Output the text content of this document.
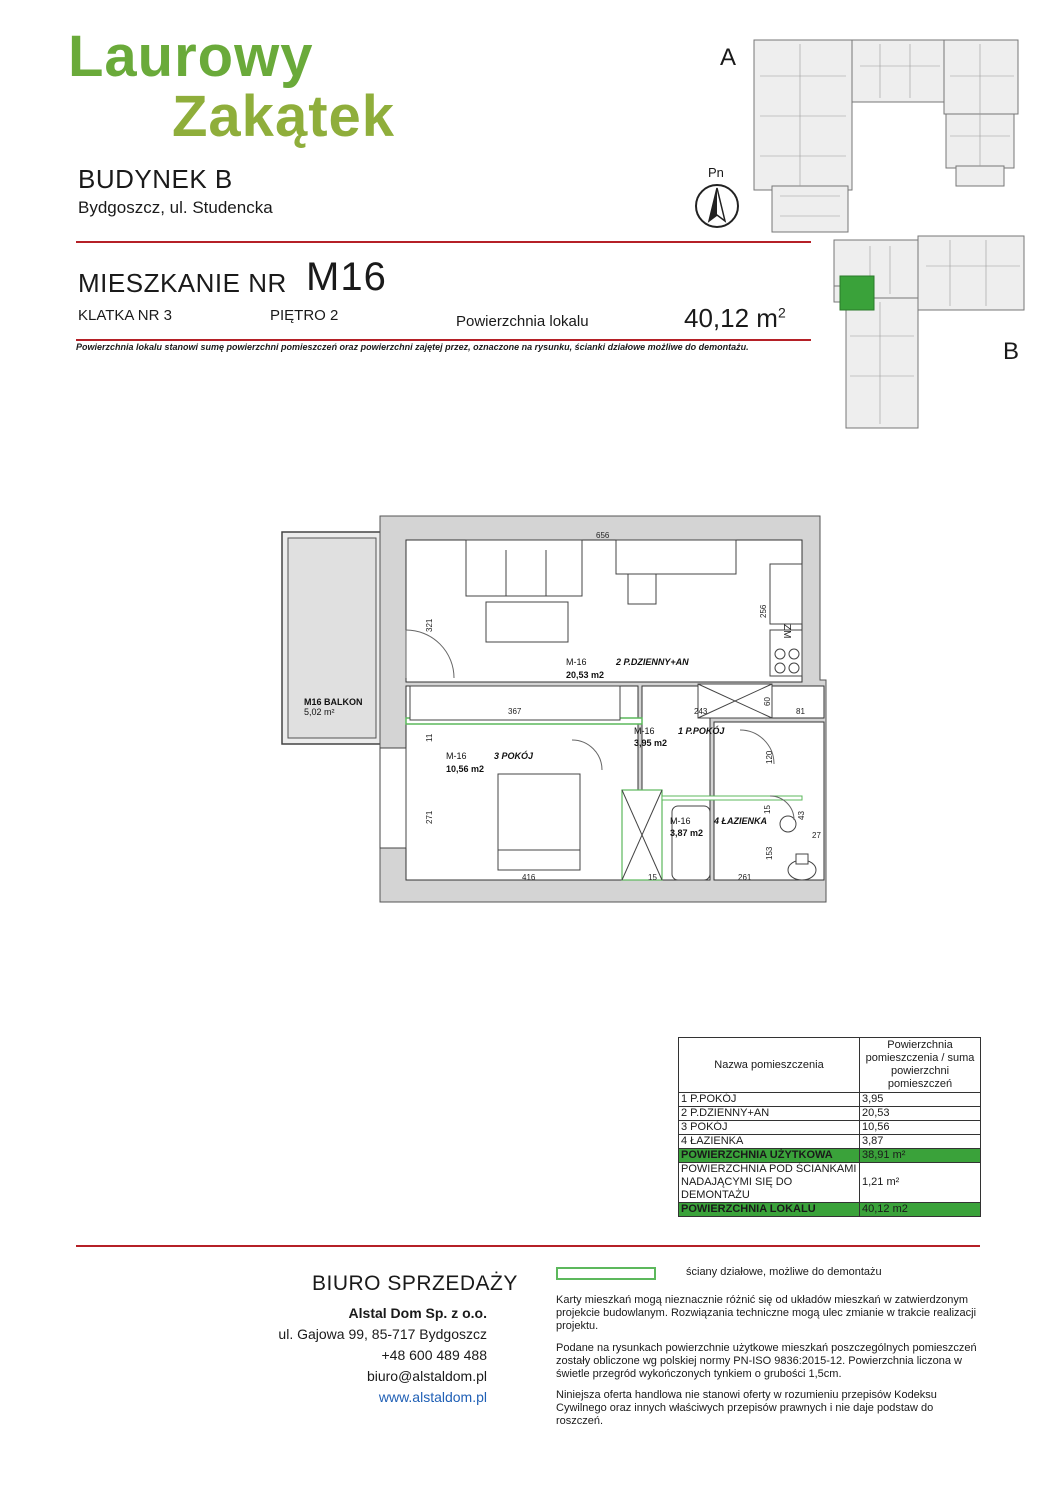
Laurowy
Zakątek
BUDYNEK B
Bydgoszcz, ul. Studencka
MIESZKANIE NR M16
KLATKA NR 3	PIĘTRO 2	Powierzchnia lokalu	40,12 $m^2$
Powierzchnia lokalu stanowi sumę powierzchni pomieszczeń oraz powierzchni zajętej przez, oznaczone na rysunku, ścianki działowe możliwe do demontażu.
A
B
Pn
656
256
321
367	243
60
81
11
120
271
15
43
27
153
416	15	261
ZM
M16 BALKON
5,02 m²
M-16	2 P.DZIENNY+AN
20,53 m2
M-16	1 P.POKÓJ
3,95 m2
M-16	3 POKÓJ
10,56 m2
M-16	4 ŁAZIENKA
3,87 m2
Nazwa pomieszczenia	Powierzchnia pomieszczenia / suma powierzchni pomieszczeń
1 P.POKÓJ	3,95
2 P.DZIENNY+AN	20,53
3 POKÓJ	10,56
4 ŁAZIENKA	3,87
POWIERZCHNIA UŻYTKOWA	38,91 m²
POWIERZCHNIA POD ŚCIANKAMI NADAJĄCYMI SIĘ DO DEMONTAŻU	1,21 m²
POWIERZCHNIA LOKALU	40,12 m2
BIURO SPRZEDAŻY
Alstal Dom Sp. z o.o.
ul. Gajowa 99, 85-717 Bydgoszcz
+48 600 489 488
biuro@alstaldom.pl
www.alstaldom.pl
ściany działowe, możliwe do demontażu
Karty mieszkań mogą nieznacznie różnić się od układów mieszkań w zatwierdzonym projekcie budowlanym. Rozwiązania techniczne mogą ulec zmianie w trakcie realizacji projektu.
Podane na rysunkach powierzchnie użytkowe mieszkań poszczególnych pomieszczeń zostały obliczone wg polskiej normy PN-ISO 9836:2015-12. Powierzchnia liczona w świetle przegród wykończonych tynkiem o grubości 1,5cm.
Niniejsza oferta handlowa nie stanowi oferty w rozumieniu przepisów Kodeksu Cywilnego oraz innych właściwych przepisów prawnych i nie daje podstaw do roszczeń.
